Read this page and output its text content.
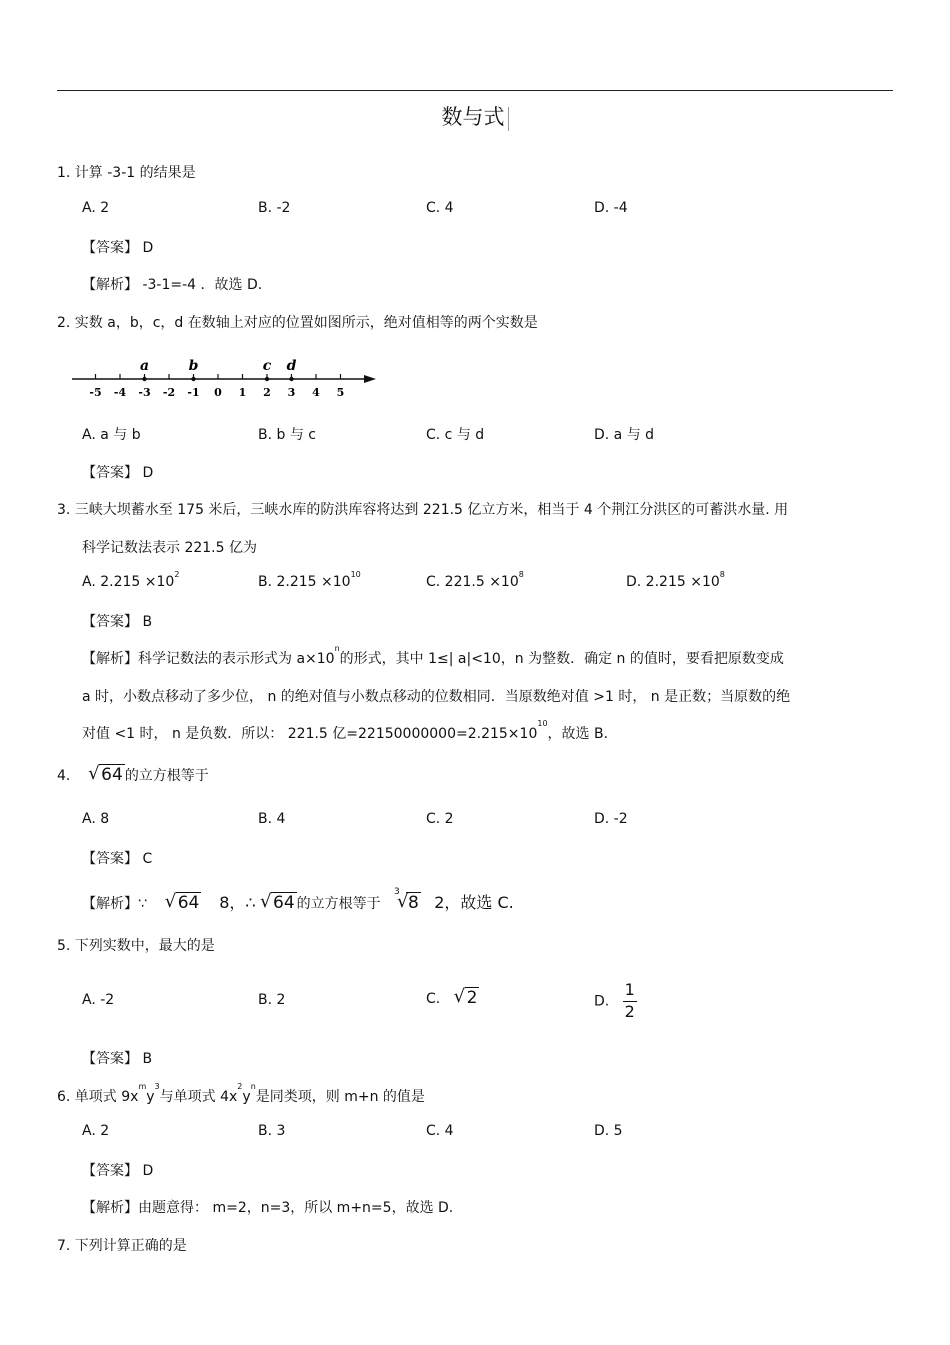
数与式
1. 计算 -3-1 的结果是
A. 2	B. -2	C. 4	D. -4
【答案】 D
【解析】 -3-1=-4 ．故选 D.
2. 实数 a，b，c，d 在数轴上对应的位置如图所示，绝对值相等的两个实数是
-5 -4 -3 -2 -1 0 1 2 3 4 5
a	b	c d
A. a 与 b	B. b 与 c	C. c 与 d	D. a 与 d
【答案】 D
3. 三峡大坝蓄水至 175 米后，三峡水库的防洪库容将达到 221.5 亿立方米，相当于 4 个荆江分洪区的可蓄洪水量. 用
科学记数法表示 221.5 亿为
A. $2.215 \times 10^2$	B. $2.215 \times 10^{10}$	C. $221.5 \times 10^8$	D. $2.215 \times 10^8$
【答案】 B
【解析】科学记数法的表示形式为 $a\times 10^n$的形式，其中 1≤| a|<10，n 为整数．确定 n 的值时，要看把原数变成
a 时，小数点移动了多少位， n 的绝对值与小数点移动的位数相同．当原数绝对值 >1 时， n 是正数；当原数的绝
对值 <1 时， n 是负数．所以： 221.5 亿$=22150000000=2.215\times 10^{10}$，故选 B.
4. √ 64 的立方根等于
A. 8	B. 4	C. 2	D. -2
【答案】 C
【解析】∵ √ 64 8，∴ √ 64 的立方根等于
3
√ 8 2，故选 C.
5. 下列实数中，最大的是
A. -2	B. 2	C. √ 2	D. $\frac{1}{2}$
【答案】 B
6. 单项式 $9x^my^3$与单项式 $4x^2y^n$是同类项，则 m+n 的值是
A. 2	B. 3	C. 4	D. 5
【答案】 D
【解析】由题意得： m=2，n=3，所以 m+n=5，故选 D.
7. 下列计算正确的是
